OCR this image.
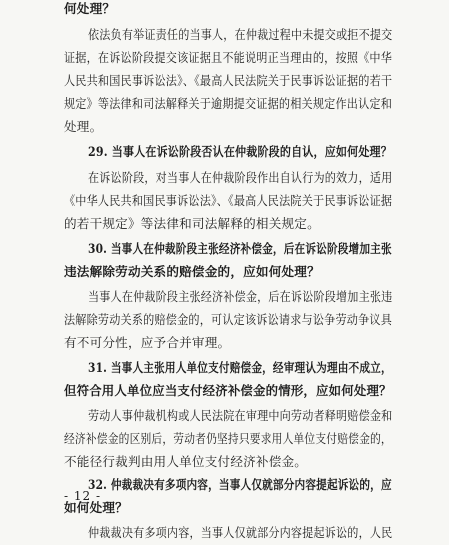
何处理？
依法负有举证责任的当事人，在仲裁过程中未提交或拒不提交
证据，在诉讼阶段提交该证据且不能说明正当理由的，按照《中华
人民共和国民事诉讼法》、《最高人民法院关于民事诉讼证据的若干
规定》等法律和司法解释关于逾期提交证据的相关规定作出认定和
处理。
29. 当事人在诉讼阶段否认在仲裁阶段的自认，应如何处理？
在诉讼阶段，对当事人在仲裁阶段作出自认行为的效力，适用
《中华人民共和国民事诉讼法》、《最高人民法院关于民事诉讼证据
的若干规定》等法律和司法解释的相关规定。
30. 当事人在仲裁阶段主张经济补偿金，后在诉讼阶段增加主张
违法解除劳动关系的赔偿金的，应如何处理？
当事人在仲裁阶段主张经济补偿金，后在诉讼阶段增加主张违
法解除劳动关系的赔偿金的，可认定该诉讼请求与讼争劳动争议具
有不可分性，应予合并审理。
31. 当事人主张用人单位支付赔偿金，经审理认为理由不成立，
但符合用人单位应当支付经济补偿金的情形，应如何处理？
劳动人事仲裁机构或人民法院在审理中向劳动者释明赔偿金和
经济补偿金的区别后，劳动者仍坚持只要求用人单位支付赔偿金的，
不能径行裁判由用人单位支付经济补偿金。
32. 仲裁裁决有多项内容，当事人仅就部分内容提起诉讼的，应
如何处理？
仲裁裁决有多项内容，当事人仅就部分内容提起诉讼的，人民
- 12 -
